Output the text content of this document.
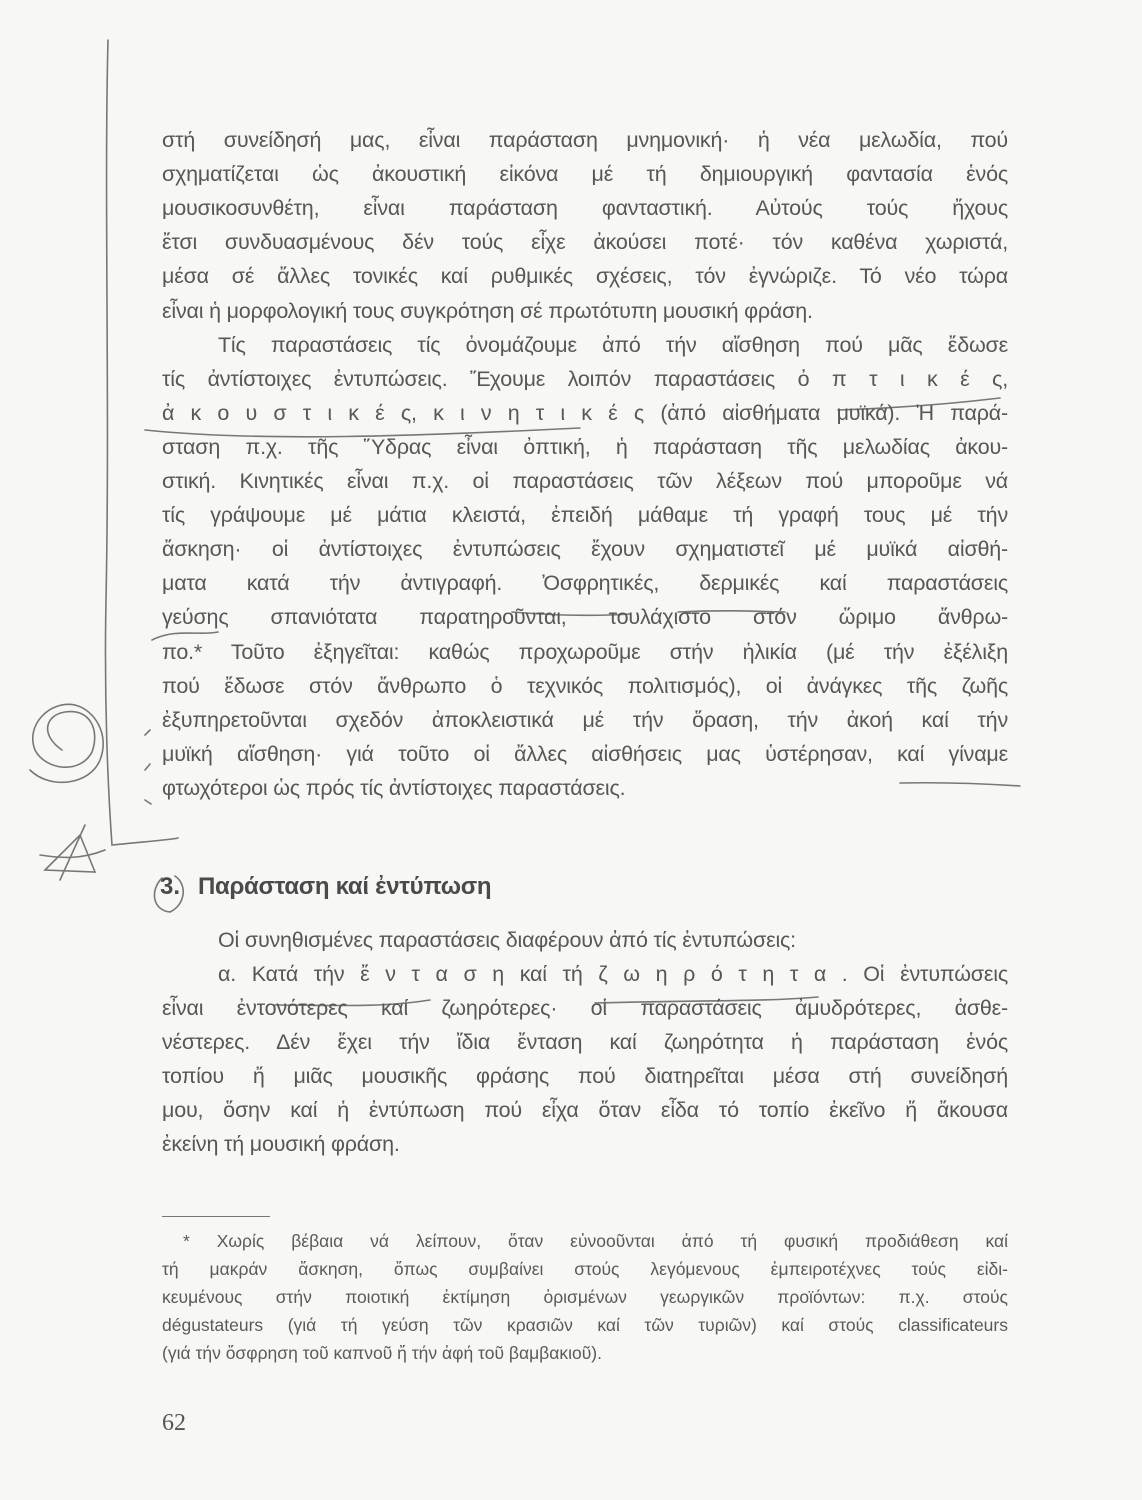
στή συνείδησή μας, εἶναι παράσταση μνημονική· ἡ νέα μελωδία, πού
σχηματίζεται ὡς ἀκουστική εἰκόνα μέ τή δημιουργική φαντασία ἑνός
μουσικοσυνθέτη, εἶναι παράσταση φανταστική. Αὐτούς τούς ἤχους
ἔτσι συνδυασμένους δέν τούς εἶχε ἀκούσει ποτέ· τόν καθένα χωριστά,
μέσα σέ ἄλλες τονικές καί ρυθμικές σχέσεις, τόν ἐγνώριζε. Τό νέο τώρα
εἶναι ἡ μορφολογική τους συγκρότηση σέ πρωτότυπη μουσική φράση.
Τίς παραστάσεις τίς ὀνομάζουμε ἀπό τήν αἴσθηση πού μᾶς ἔδωσε
τίς ἀντίστοιχες ἐντυπώσεις. Ἔχουμε λοιπόν παραστάσεις ὀ π τ ι κ έ ς,
ἀ κ ο υ σ τ ι κ έ ς, κ ι ν η τ ι κ έ ς (ἀπό αἰσθήματα μυϊκά). Ἡ παρά-
σταση π.χ. τῆς Ὕδρας εἶναι ὀπτική, ἡ παράσταση τῆς μελωδίας ἀκου-
στική. Κινητικές εἶναι π.χ. οἱ παραστάσεις τῶν λέξεων πού μποροῦμε νά
τίς γράψουμε μέ μάτια κλειστά, ἐπειδή μάθαμε τή γραφή τους μέ τήν
ἄσκηση· οἱ ἀντίστοιχες ἐντυπώσεις ἔχουν σχηματιστεῖ μέ μυϊκά αἰσθή-
ματα κατά τήν ἀντιγραφή. Ὀσφρητικές, δερμικές καί παραστάσεις
γεύσης σπανιότατα παρατηροῦνται, τουλάχιστο στόν ὥριμο ἄνθρω-
πο.* Τοῦτο ἐξηγεῖται: καθώς προχωροῦμε στήν ἡλικία (μέ τήν ἐξέλιξη
πού ἔδωσε στόν ἄνθρωπο ὁ τεχνικός πολιτισμός), οἱ ἀνάγκες τῆς ζωῆς
ἐξυπηρετοῦνται σχεδόν ἀποκλειστικά μέ τήν ὅραση, τήν ἀκοή καί τήν
μυϊκή αἴσθηση· γιά τοῦτο οἱ ἄλλες αἰσθήσεις μας ὑστέρησαν, καί γίναμε
φτωχότεροι ὡς πρός τίς ἀντίστοιχες παραστάσεις.
3. Παράσταση καί ἐντύπωση
Οἱ συνηθισμένες παραστάσεις διαφέρουν ἀπό τίς ἐντυπώσεις:
α. Κατά τήν ἔ ν τ α σ η καί τή ζ ω η ρ ό τ η τ α . Οἱ ἐντυπώσεις
εἶναι ἐντονότερες καί ζωηρότερες· οἱ παραστάσεις ἀμυδρότερες, ἀσθε-
νέστερες. Δέν ἔχει τήν ἴδια ἔνταση καί ζωηρότητα ἡ παράσταση ἑνός
τοπίου ἤ μιᾶς μουσικῆς φράσης πού διατηρεῖται μέσα στή συνείδησή
μου, ὅσην καί ἡ ἐντύπωση πού εἶχα ὅταν εἶδα τό τοπίο ἐκεῖνο ἤ ἄκουσα
ἐκείνη τή μουσική φράση.
* Χωρίς βέβαια νά λείπουν, ὅταν εὐνοοῦνται ἀπό τή φυσική προδιάθεση καί
τή μακράν ἄσκηση, ὅπως συμβαίνει στούς λεγόμενους ἐμπειροτέχνες τούς εἰδι-
κευμένους στήν ποιοτική ἐκτίμηση ὁρισμένων γεωργικῶν προϊόντων: π.χ. στούς
dégustateurs (γιά τή γεύση τῶν κρασιῶν καί τῶν τυριῶν) καί στούς classificateurs
(γιά τήν ὄσφρηση τοῦ καπνοῦ ἤ τήν ἀφή τοῦ βαμβακιοῦ).
62
